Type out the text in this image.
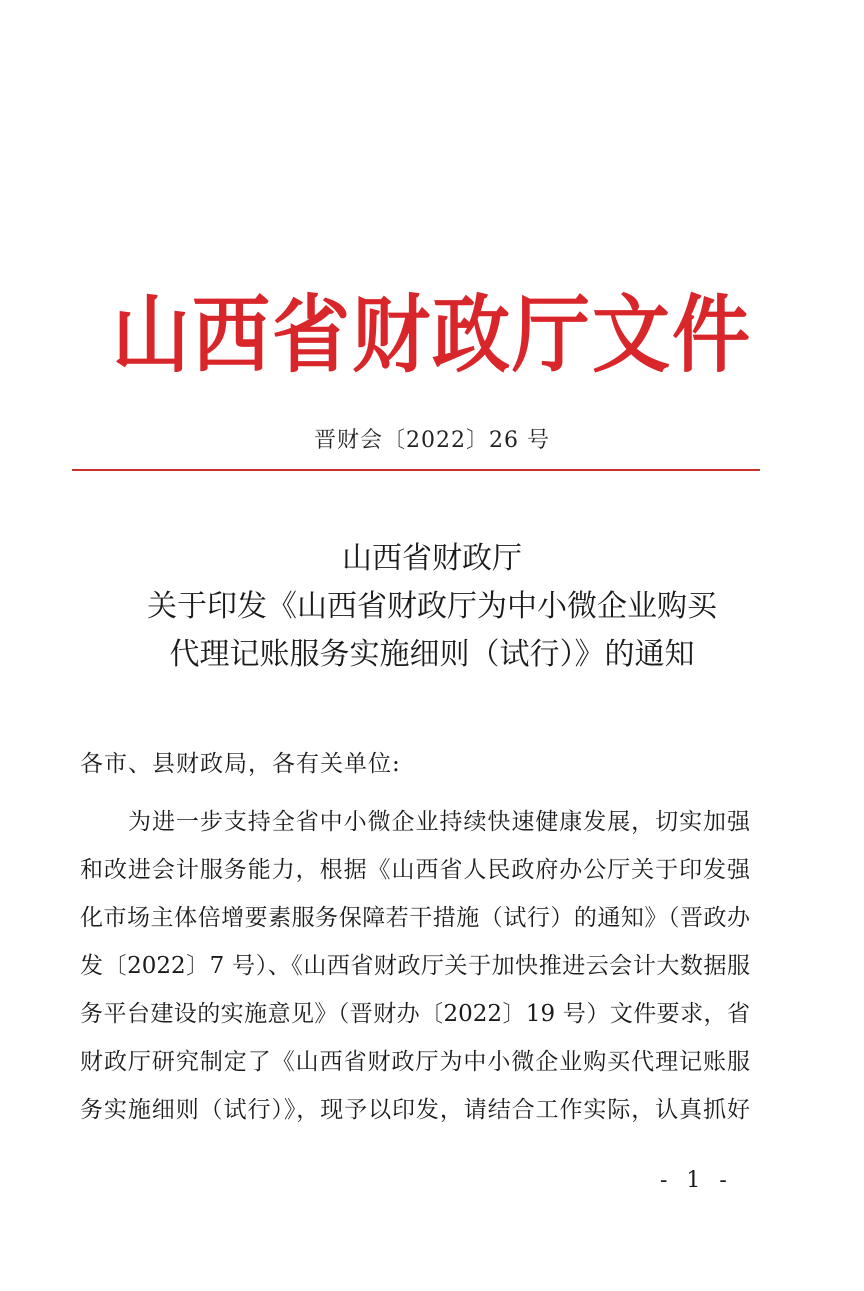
山西省财政厅文件
晋财会〔2022〕26 号
山西省财政厅
关于印发《山西省财政厅为中小微企业购买
代理记账服务实施细则（试行）》的通知
各市、县财政局，各有关单位:
为进一步支持全省中小微企业持续快速健康发展，切实加强
和改进会计服务能力，根据《山西省人民政府办公厅关于印发强
化市场主体倍增要素服务保障若干措施（试行）的通知》（晋政办
发〔2022〕7 号）、《山西省财政厅关于加快推进云会计大数据服
务平台建设的实施意见》（晋财办〔2022〕19 号）文件要求，省
财政厅研究制定了《山西省财政厅为中小微企业购买代理记账服
务实施细则（试行）》，现予以印发，请结合工作实际，认真抓好
- 1 -
